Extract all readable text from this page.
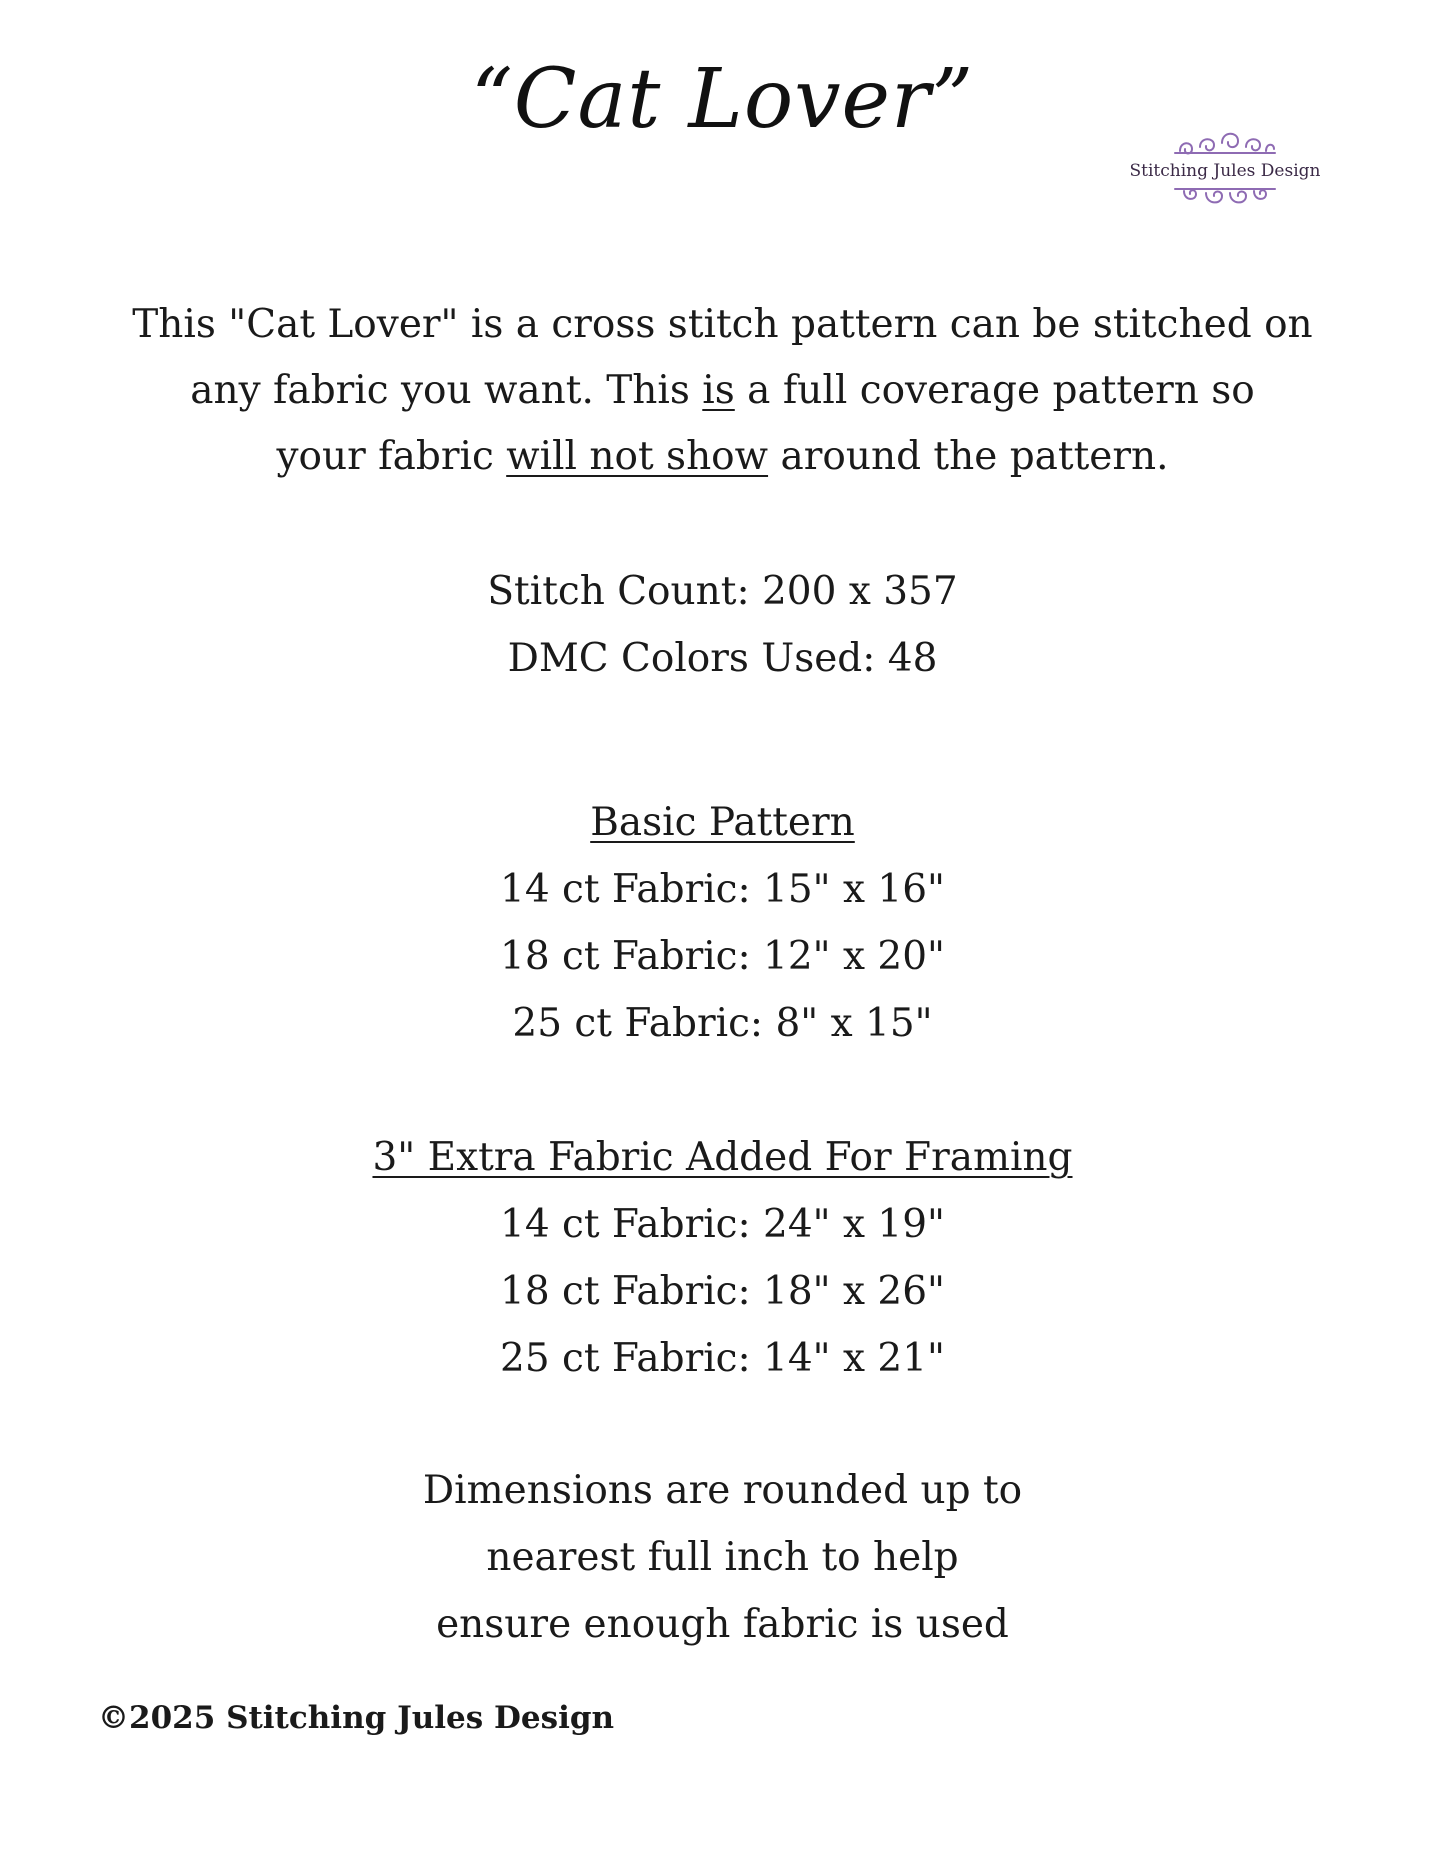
“Cat Lover”
Stitching Jules Design

This "Cat Lover" is a cross stitch pattern can be stitched on

any fabric you want. This is a full coverage pattern so

your fabric will not show around the pattern.

Stitch Count: 200 x 357

DMC Colors Used: 48

Basic Pattern

14 ct Fabric: 15" x 16"

18 ct Fabric: 12" x 20"

25 ct Fabric: 8" x 15"

3" Extra Fabric Added For Framing

14 ct Fabric: 24" x 19"

18 ct Fabric: 18" x 26"

25 ct Fabric: 14" x 21"

Dimensions are rounded up to

nearest full inch to help

ensure enough fabric is used

©2025 Stitching Jules Design
